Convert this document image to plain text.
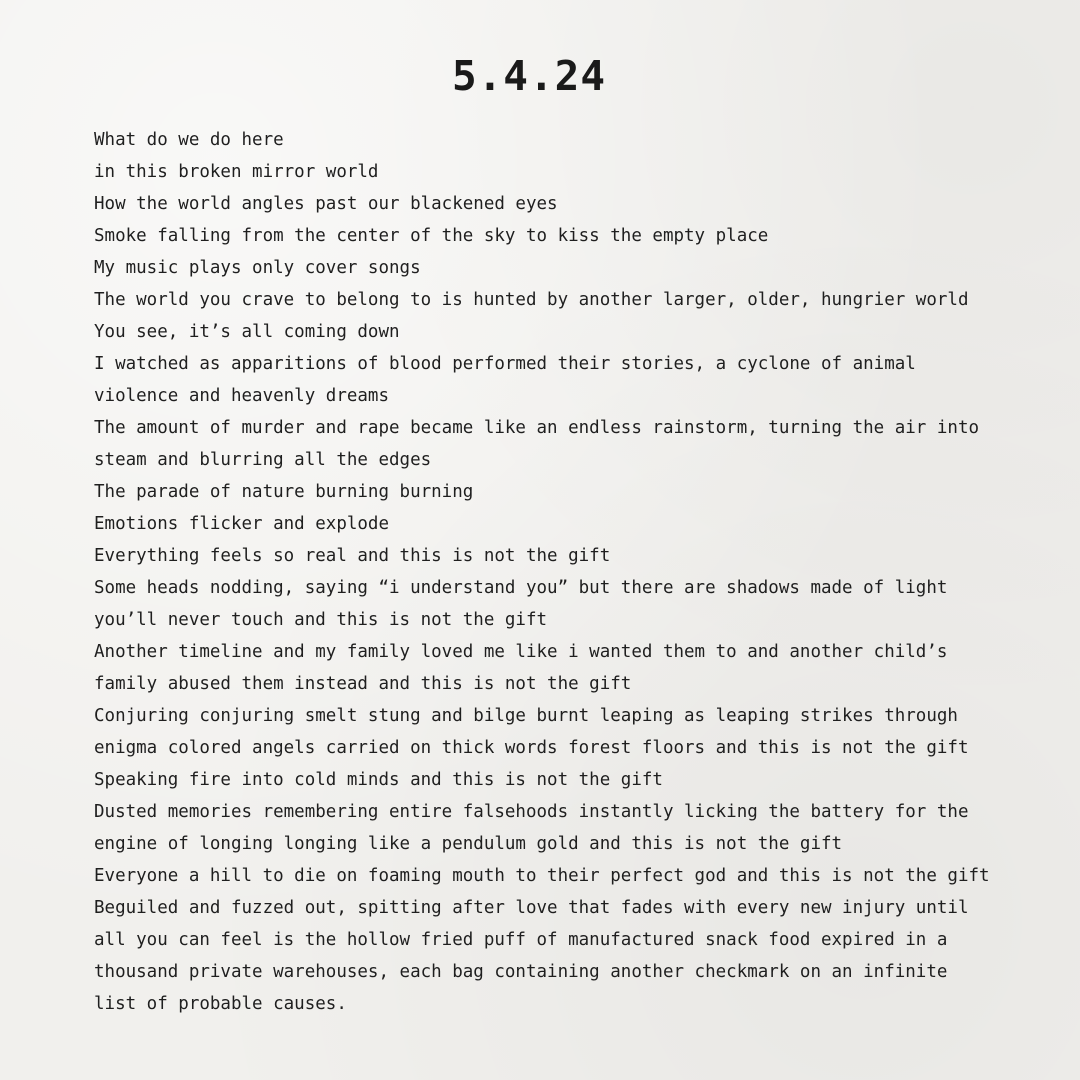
5.4.24
What do we do here
in this broken mirror world
How the world angles past our blackened eyes
Smoke falling from the center of the sky to kiss the empty place
My music plays only cover songs
The world you crave to belong to is hunted by another larger, older, hungrier world
You see, it’s all coming down
I watched as apparitions of blood performed their stories, a cyclone of animal
violence and heavenly dreams
The amount of murder and rape became like an endless rainstorm, turning the air into
steam and blurring all the edges
The parade of nature burning burning
Emotions flicker and explode
Everything feels so real and this is not the gift
Some heads nodding, saying “i understand you” but there are shadows made of light
you’ll never touch and this is not the gift
Another timeline and my family loved me like i wanted them to and another child’s
family abused them instead and this is not the gift
Conjuring conjuring smelt stung and bilge burnt leaping as leaping strikes through
enigma colored angels carried on thick words forest floors and this is not the gift
Speaking fire into cold minds and this is not the gift
Dusted memories remembering entire falsehoods instantly licking the battery for the
engine of longing longing like a pendulum gold and this is not the gift
Everyone a hill to die on foaming mouth to their perfect god and this is not the gift
Beguiled and fuzzed out, spitting after love that fades with every new injury until
all you can feel is the hollow fried puff of manufactured snack food expired in a
thousand private warehouses, each bag containing another checkmark on an infinite
list of probable causes.
